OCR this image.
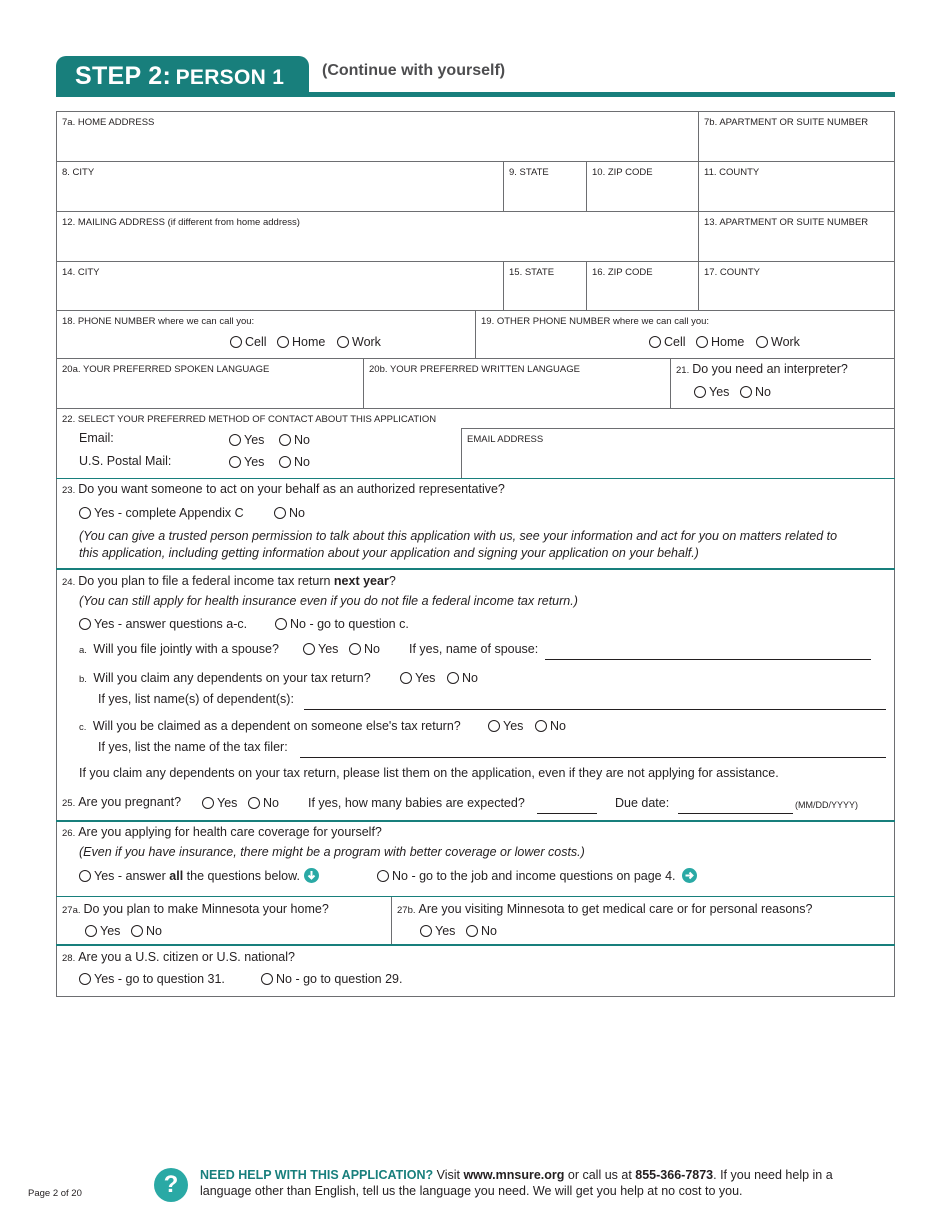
STEP 2: PERSON 1	(Continue with yourself)
7a. HOME ADDRESS	7b. APARTMENT OR SUITE NUMBER
8. CITY	9. STATE	10. ZIP CODE	11. COUNTY
12. MAILING ADDRESS (if different from home address)	13. APARTMENT OR SUITE NUMBER
14. CITY	15. STATE	16. ZIP CODE	17. COUNTY
18. PHONE NUMBER where we can call you:
Cell	Home	Work
19. OTHER PHONE NUMBER where we can call you:
Cell	Home	Work
20a. YOUR PREFERRED SPOKEN LANGUAGE	20b. YOUR PREFERRED WRITTEN LANGUAGE	21. Do you need an interpreter?
Yes	No
22. SELECT YOUR PREFERRED METHOD OF CONTACT ABOUT THIS APPLICATION
Email:	Yes	No
U.S. Postal Mail:	Yes	No
EMAIL ADDRESS
23. Do you want someone to act on your behalf as an authorized representative?
Yes - complete Appendix C	No
(You can give a trusted person permission to talk about this application with us, see your information and act for you on matters related to
this application, including getting information about your application and signing your application on your behalf.)
24. Do you plan to file a federal income tax return next year?
(You can still apply for health insurance even if you do not file a federal income tax return.)
Yes - answer questions a-c.	No - go to question c.
a. Will you file jointly with a spouse?	Yes	No If yes, name of spouse:
b. Will you claim any dependents on your tax return?	Yes	No
If yes, list name(s) of dependent(s):
c. Will you be claimed as a dependent on someone else's tax return?	Yes	No
If yes, list the name of the tax filer:
If you claim any dependents on your tax return, please list them on the application, even if they are not applying for assistance.
25. Are you pregnant?	Yes	No If yes, how many babies are expected?	Due date:	(MM/DD/YYYY)
26. Are you applying for health care coverage for yourself?
(Even if you have insurance, there might be a program with better coverage or lower costs.)
Yes - answer all the questions below.	No - go to the job and income questions on page 4.
27a. Do you plan to make Minnesota your home?
Yes	No
27b. Are you visiting Minnesota to get medical care or for personal reasons?
Yes	No
28. Are you a U.S. citizen or U.S. national?
Yes - go to question 31.	No - go to question 29.
?	NEED HELP WITH THIS APPLICATION? Visit www.mnsure.org or call us at 855-366-7873. If you need help in a language other than English, tell us the language you need. We will get you help at no cost to you.
Page 2 of 20
